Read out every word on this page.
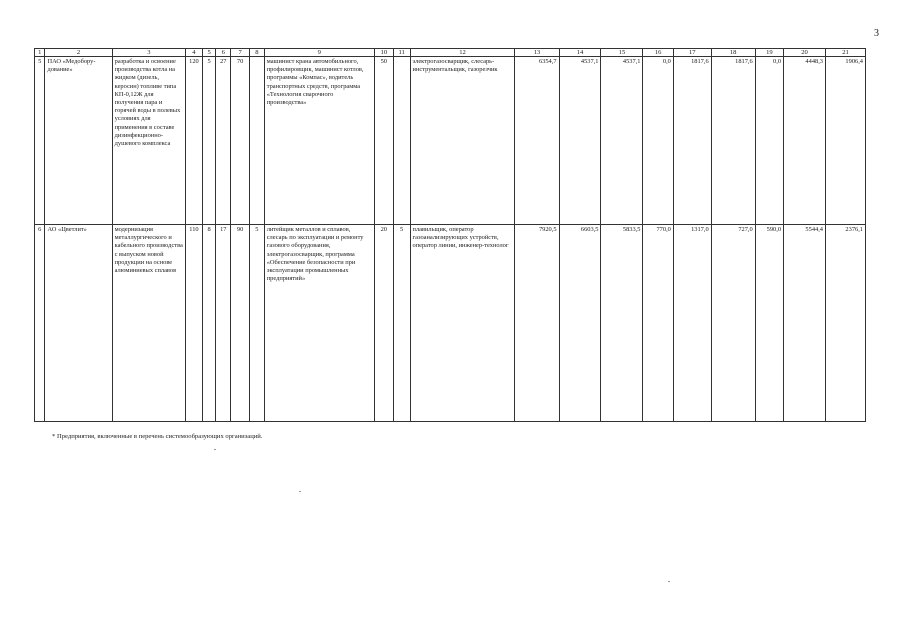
3
1	2	3	4	5	6	7	8	9	10	11	12	13	14	15	16	17	18	19	20	21
5	ПАО «Медобору-дование»	разработка и освоение производства котла на жидком (дизель, керосин) топливе типа КП-0,12Ж для получения пара и горячей воды в полевых условиях для применения в составе дизинфекционно-душевого комплекса	120	5	27	70		машинист крана автомобильного, профилировщик, машинист котлов, программы «Компас», водитель транспортных средств, программа «Технология сварочного производства»	50		электрогазосварщик, слесарь-инструментальщик, газорезчик	6354,7	4537,1	4537,1	0,0	1817,6	1817,6	0,0	4448,3	1906,4
6	АО «Цветлит»	модернизация металлургического и кабельного производства с выпуском новой продукции на основе алюминиевых сплавов	110	8	17	90	5	литейщик металлов и сплавов, слесарь по эксплуатации и ремонту газового оборудования, электрогазосварщик, программа «Обеспечение безопасности при эксплуатации промышленных предприятий»	20	5	плавильщик, оператор газоанализирующих устройств, оператор линии, инженер-технолог	7920,5	6603,5	5833,5	770,0	1317,0	727,0	590,0	5544,4	2376,1
* Предприятия, включенные в перечень системообразующих организаций.
